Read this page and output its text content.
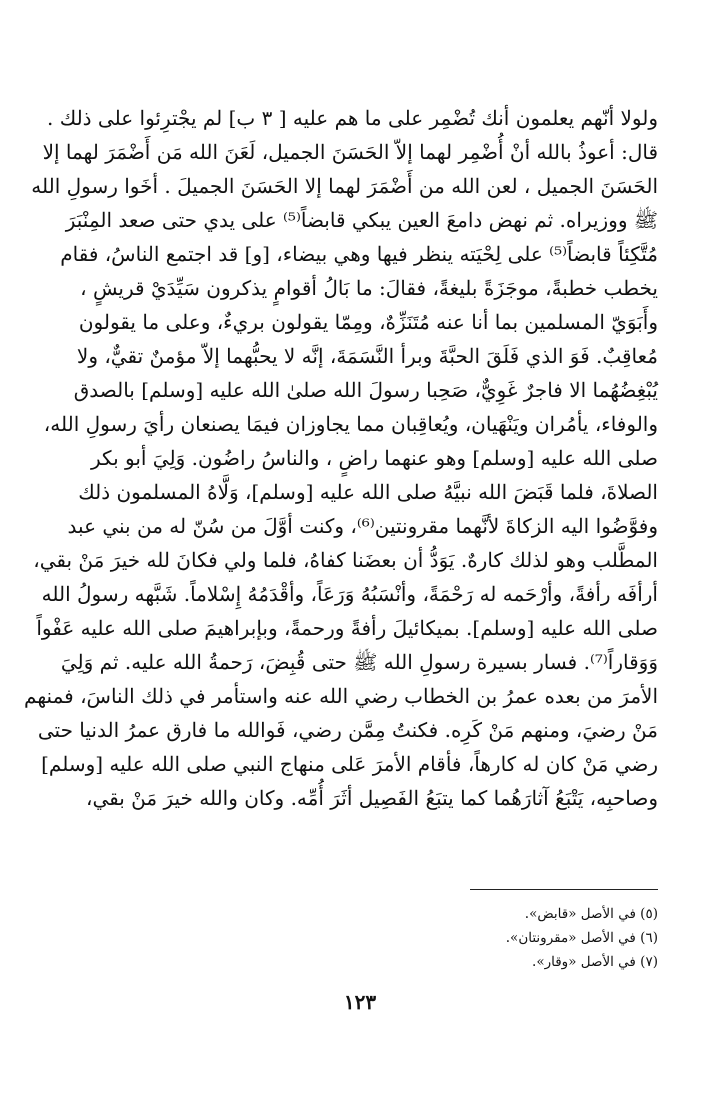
ولولا أنّهم يعلمون أنك تُضْمِر على ما هم عليه [ ٣ ب] لم يجْترِئوا على ذلك .
قال: أعوذُ بالله أنْ أُضْمِر لهما إلاّ الحَسَنَ الجميل، لَعَنَ الله مَن أَضْمَرَ لهما إلا
الحَسَنَ الجميل ، لعن الله من أَضْمَرَ لهما إلا الحَسَنَ الجميلَ . أخَوا رسولِ الله
ﷺ ووزيراه. ثم نهض دامعَ العين يبكي قابضاً⁽⁵⁾ على يدي حتى صعد المِنْبَرَ
مُتَّكِئاً قابضاً⁽⁵⁾ على لِحْيَته ينظر فيها وهي بيضاء، [و] قد اجتمع الناسُ، فقام
يخطب خطبةً، موجَزَةً بليغةً، فقالَ: ما بَالُ أقوامٍ يذكرون سَيِّدَيْ قريشٍ ،
وأَبَوَيّ المسلمين بما أنا عنه مُتَنَزِّهٌ، ومِمّا يقولون بريءٌ، وعلى ما يقولون
مُعاقِبٌ. فَوَ الذي فَلَقَ الحبَّةَ وبرأ النَّسَمَةَ، إنَّه لا يحبُّهما إلاّ مؤمنٌ تقيٌّ، ولا
يُبْغِضُهُما الا فاجرٌ غَوِيٌّ، صَحِبا رسولَ الله صلىٰ الله عليه [وسلم] بالصدق
والوفاء، يأمُران ويَنْهَيان، ويُعاقِبان مما يجاوزان فيمَا يصنعان رأيَ رسولِ الله،
صلى الله عليه [وسلم] وهو عنهما راضٍ ، والناسُ راضُون. وَلِيَ أبو بكر
الصلاةَ، فلما قَبَضَ الله نبيَّهُ صلى الله عليه [وسلم]، وَلَّاهُ المسلمون ذلك
وفوَّضُوا اليه الزكاةَ لأنَّهما مقرونتين⁽⁶⁾، وكنت أوَّلَ من سُنّ له من بني عبد
المطَّلب وهو لذلك كارهٌ. يَوَدُّ أن بعضَنا كفاهُ، فلما ولي فكانَ لله خيرَ مَنْ بقي،
أرأفَه رأفةً، وأرْحَمه له رَحْمَةً، وأنْسَبُهُ وَرَعَاً، وأقْدَمُهُ إِسْلاماً. شَبَّهه رسولُ الله
صلى الله عليه [وسلم]. بميكائيلَ رأفةً ورحمةً، وبإبراهيمَ صلى الله عليه عَفْواً
وَوَقاراً⁽⁷⁾. فسار بسيرة رسولِ الله ﷺ حتى قُبِضَ، رَحمةُ الله عليه. ثم وَلِيَ
الأمرَ من بعده عمرُ بن الخطاب رضي الله عنه واستأمر في ذلك الناسَ، فمنهم
مَنْ رضيَ، ومنهم مَنْ كَرِه. فكنتُ مِمَّن رضي، فَوالله ما فارق عمرُ الدنيا حتى
رضي مَنْ كان له كارهاً، فأقام الأمرَ عَلى منهاج النبي صلى الله عليه [وسلم]
وصاحبِه، يَتْبَعُ آثارَهُما كما يتبَعُ الفَصِيل أثَرَ أُمِّه. وكان والله خيرَ مَنْ بقي،
(٥) في الأصل «قابض».
(٦) في الأصل «مقرونتان».
(٧) في الأصل «وقار».
١٢٣
